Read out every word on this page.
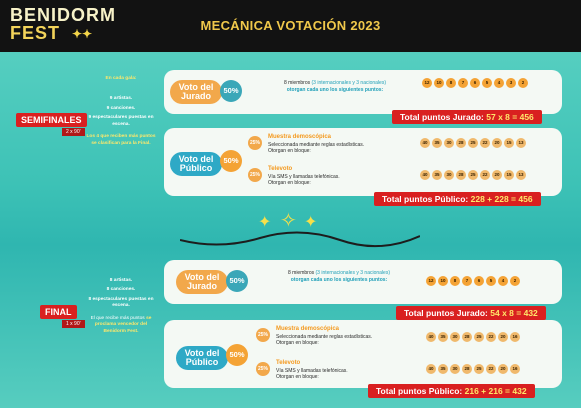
BENIDORM
FEST ✦✦
MECÁNICA VOTACIÓN 2023

En cada gala:

9 artistas.

9 canciones.

9 espectaculares puestas en escena.

Los 4 que reciben más puntos se clasifican para la Final.

SEMIFINALES
2 x 90'
Voto del Jurado
50%
8 miembros (3 internacionales y 3 nacionales)
otorgan cada uno los siguientes puntos:
12	10	8	7	6	5	4	3	2
Total puntos Jurado: 57 x 8 = 456
Voto del Público
50%
25%
Muestra demoscópica
Seleccionada mediante reglas estadísticas.
Otorgan en bloque:
40	35	30	28	25	22	20	15	13
25%
Televoto
Vía SMS y llamadas telefónicas.
Otorgan en bloque:
40	35	30	28	25	22	20	15	13
Total puntos Público: 228 + 228 = 456
✦ ✧ ✦

8 artistas.

8 canciones.

8 espectaculares puestas en escena.

El que recibe más puntos se proclama vencedor del Benidorm Fest.

FINAL
1 x 90'
Voto del Jurado
50%
8 miembros (3 internacionales y 3 nacionales)
otorgan cada uno los siguientes puntos:	12	10	8	7	6	5	4	2
Total puntos Jurado: 54 x 8 = 432
Voto del Público
50%
25%
Muestra demoscópica
Seleccionada mediante reglas estadísticas.
Otorgan en bloque:
40	35	30	28	25	22	20	16
25%
Televoto
Vía SMS y llamadas telefónicas.
Otorgan en bloque:
40	35	30	28	25	22	20	16
Total puntos Público: 216 + 216 = 432
